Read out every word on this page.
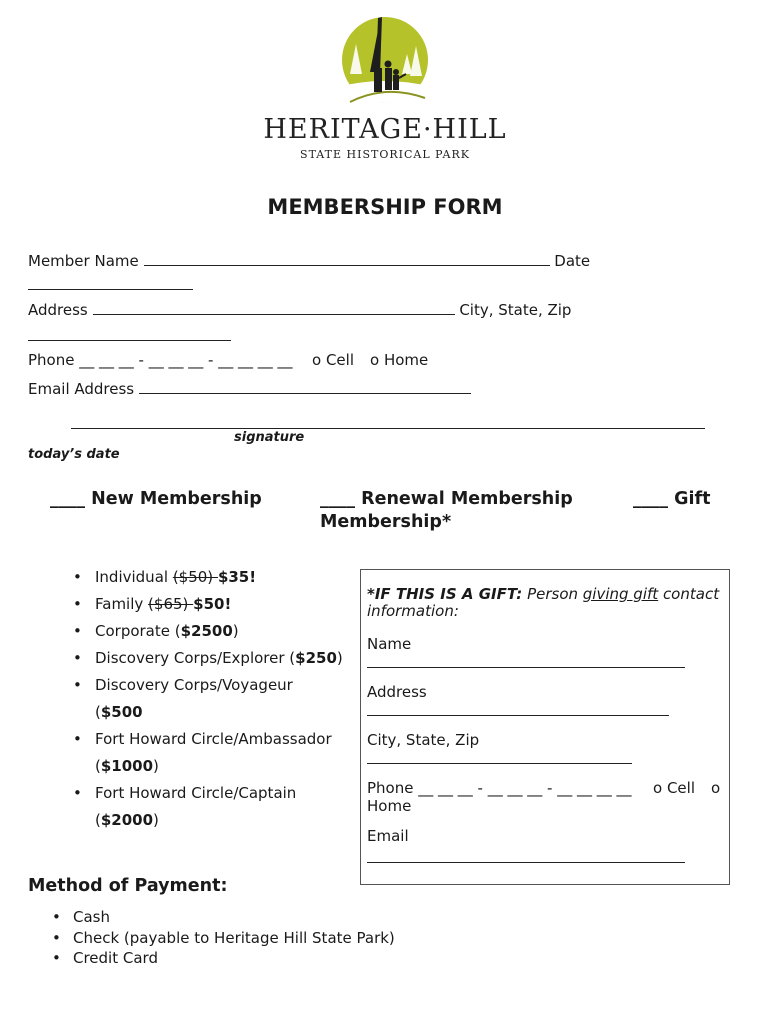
HERITAGE·HILL
STATE HISTORICAL PARK
MEMBERSHIP FORM
Member Name	Date
Address	City, State, Zip
Phone __ __ __ - __ __ __ - __ __ __ __ o Cell o Home
Email Address
signature
today’s date
____ New Membership	____ Renewal Membership	____ Gift
Membership*
• Individual ($50) $35!
• Family ($65) $50!
• Corporate ($2500)
• Discovery Corps/Explorer ($250)
• Discovery Corps/Voyageur
($500
• Fort Howard Circle/Ambassador
($1000)
• Fort Howard Circle/Captain
($2000)
*IF THIS IS A GIFT: Person giving gift contact
information:
Name
Address
City, State, Zip
Phone __ __ __ - __ __ __ - __ __ __ __
Home
o Cell o
Email
Method of Payment:
• Cash
• Check (payable to Heritage Hill State Park)
• Credit Card
